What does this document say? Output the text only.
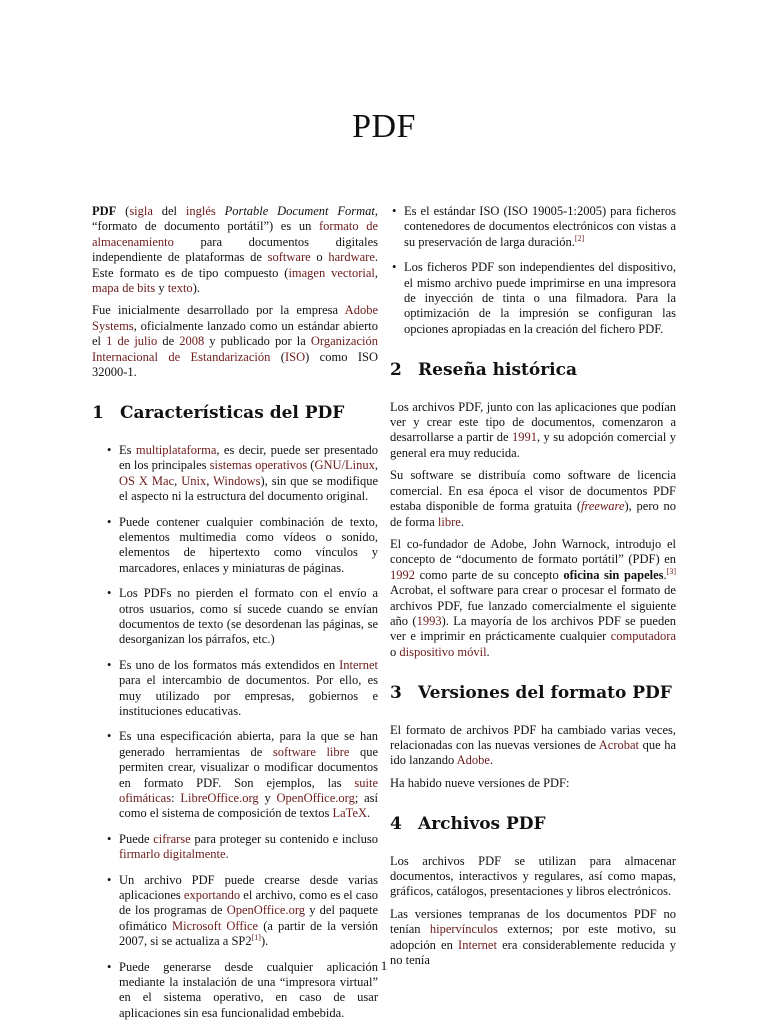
PDF

PDF (sigla del inglés Portable Document Format, “formato de documento portátil”) es un formato de almacenamiento para documentos digitales independiente de plataformas de software o hardware. Este formato es de tipo compuesto (imagen vectorial, mapa de bits y texto).

Fue inicialmente desarrollado por la empresa Adobe Systems, oficialmente lanzado como un estándar abierto el 1 de julio de 2008 y publicado por la Organización Internacional de Estandarización (ISO) como ISO 32000-1.

1 Características del PDF
• Es multiplataforma, es decir, puede ser presentado en los principales sistemas operativos (GNU/Linux, OS X Mac, Unix, Windows), sin que se modifique el aspecto ni la estructura del documento original.
• Puede contener cualquier combinación de texto, elementos multimedia como vídeos o sonido, elementos de hipertexto como vínculos y marcadores, enlaces y miniaturas de páginas.
• Los PDFs no pierden el formato con el envío a otros usuarios, como sí sucede cuando se envían documentos de texto (se desordenan las páginas, se desorganizan los párrafos, etc.)
• Es uno de los formatos más extendidos en Internet para el intercambio de documentos. Por ello, es muy utilizado por empresas, gobiernos e instituciones educativas.
• Es una especificación abierta, para la que se han generado herramientas de software libre que permiten crear, visualizar o modificar documentos en formato PDF. Son ejemplos, las suite ofimáticas: LibreOffice.org y OpenOffice.org; así como el sistema de composición de textos LaTeX.
• Puede cifrarse para proteger su contenido e incluso firmarlo digitalmente.
• Un archivo PDF puede crearse desde varias aplicaciones exportando el archivo, como es el caso de los programas de OpenOffice.org y del paquete ofimático Microsoft Office (a partir de la versión 2007, si se actualiza a SP2[1]).
• Puede generarse desde cualquier aplicación mediante la instalación de una “impresora virtual” en el sistema operativo, en caso de usar aplicaciones sin esa funcionalidad embebida.
• Es el estándar ISO (ISO 19005-1:2005) para ficheros contenedores de documentos electrónicos con vistas a su preservación de larga duración.[2]
• Los ficheros PDF son independientes del dispositivo, el mismo archivo puede imprimirse en una impresora de inyección de tinta o una filmadora. Para la optimización de la impresión se configuran las opciones apropiadas en la creación del fichero PDF.
2 Reseña histórica

Los archivos PDF, junto con las aplicaciones que podían ver y crear este tipo de documentos, comenzaron a desarrollarse a partir de 1991, y su adopción comercial y general era muy reducida.

Su software se distribuía como software de licencia comercial. En esa época el visor de documentos PDF estaba disponible de forma gratuita (freeware), pero no de forma libre.

El co-fundador de Adobe, John Warnock, introdujo el concepto de “documento de formato portátil” (PDF) en 1992 como parte de su concepto oficina sin papeles.[3] Acrobat, el software para crear o procesar el formato de archivos PDF, fue lanzado comercialmente el siguiente año (1993). La mayoría de los archivos PDF se pueden ver e imprimir en prácticamente cualquier computadora o dispositivo móvil.

3 Versiones del formato PDF

El formato de archivos PDF ha cambiado varias veces, relacionadas con las nuevas versiones de Acrobat que ha ido lanzando Adobe.

Ha habido nueve versiones de PDF:

4 Archivos PDF

Los archivos PDF se utilizan para almacenar documentos, interactivos y regulares, así como mapas, gráficos, catálogos, presentaciones y libros electrónicos.

Las versiones tempranas de los documentos PDF no tenían hipervínculos externos; por este motivo, su adopción en Internet era considerablemente reducida y no tenía

1
